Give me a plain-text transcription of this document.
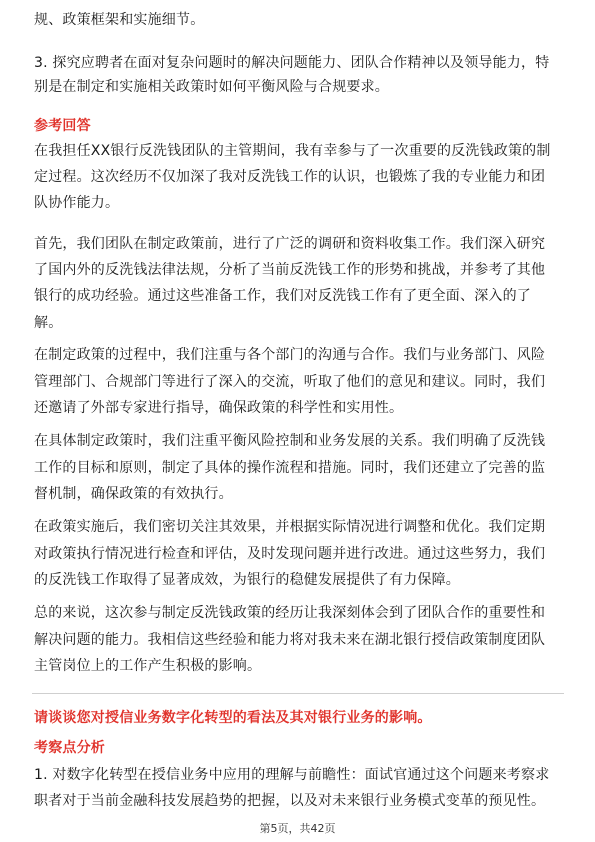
规、政策框架和实施细节。
3. 探究应聘者在面对复杂问题时的解决问题能力、团队合作精神以及领导能力，特
别是在制定和实施相关政策时如何平衡风险与合规要求。
参考回答
在我担任XX银行反洗钱团队的主管期间，我有幸参与了一次重要的反洗钱政策的制
定过程。这次经历不仅加深了我对反洗钱工作的认识，也锻炼了我的专业能力和团
队协作能力。
首先，我们团队在制定政策前，进行了广泛的调研和资料收集工作。我们深入研究
了国内外的反洗钱法律法规，分析了当前反洗钱工作的形势和挑战，并参考了其他
银行的成功经验。通过这些准备工作，我们对反洗钱工作有了更全面、深入的了
解。
在制定政策的过程中，我们注重与各个部门的沟通与合作。我们与业务部门、风险
管理部门、合规部门等进行了深入的交流，听取了他们的意见和建议。同时，我们
还邀请了外部专家进行指导，确保政策的科学性和实用性。
在具体制定政策时，我们注重平衡风险控制和业务发展的关系。我们明确了反洗钱
工作的目标和原则，制定了具体的操作流程和措施。同时，我们还建立了完善的监
督机制，确保政策的有效执行。
在政策实施后，我们密切关注其效果，并根据实际情况进行调整和优化。我们定期
对政策执行情况进行检查和评估，及时发现问题并进行改进。通过这些努力，我们
的反洗钱工作取得了显著成效，为银行的稳健发展提供了有力保障。
总的来说，这次参与制定反洗钱政策的经历让我深刻体会到了团队合作的重要性和
解决问题的能力。我相信这些经验和能力将对我未来在湖北银行授信政策制度团队
主管岗位上的工作产生积极的影响。
请谈谈您对授信业务数字化转型的看法及其对银行业务的影响。
考察点分析
1. 对数字化转型在授信业务中应用的理解与前瞻性：面试官通过这个问题来考察求
职者对于当前金融科技发展趋势的把握，以及对未来银行业务模式变革的预见性。
第5页，共42页
